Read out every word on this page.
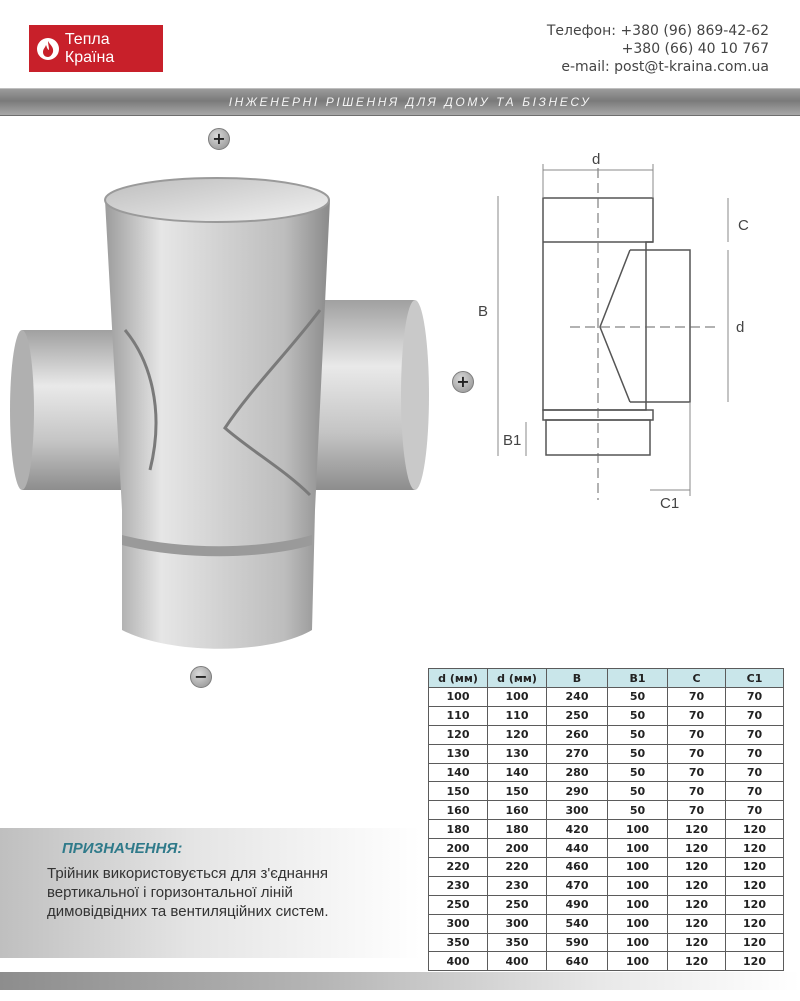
Тепла Країна
Телефон: +380 (96) 869-42-62
+380 (66) 40 10 767
e-mail: post@t-kraina.com.ua
ІНЖЕНЕРНІ РІШЕННЯ ДЛЯ ДОМУ ТА БІЗНЕСУ
+
+
−
d
C
d
B
B1
C1
d (мм)	d (мм)	B	B1	C	C1
100	100	240	50	70	70
110	110	250	50	70	70
120	120	260	50	70	70
130	130	270	50	70	70
140	140	280	50	70	70
150	150	290	50	70	70
160	160	300	50	70	70
180	180	420	100	120	120
200	200	440	100	120	120
220	220	460	100	120	120
230	230	470	100	120	120
250	250	490	100	120	120
300	300	540	100	120	120
350	350	590	100	120	120
400	400	640	100	120	120
ПРИЗНАЧЕННЯ:

Трійник використовується для з'єднання вертикальної і горизонтальної ліній димовідвідних та вентиляційних систем.
